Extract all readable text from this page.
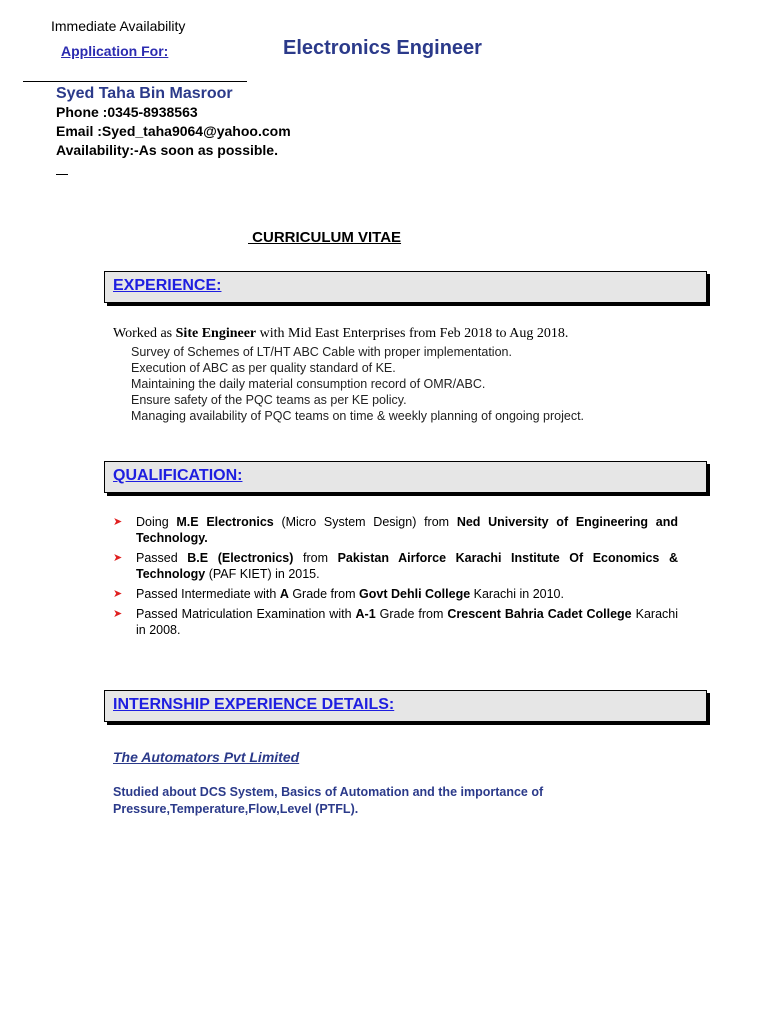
Immediate Availability
Application For:	Electronics Engineer
Syed Taha Bin Masroor
Phone :0345-8938563
Email :Syed_taha9064@yahoo.com
Availability:-As soon as possible.
CURRICULUM VITAE
EXPERIENCE:
Worked as Site Engineer with Mid East Enterprises from Feb 2018 to Aug 2018.
Survey of Schemes of LT/HT ABC Cable with proper implementation.
Execution of ABC as per quality standard of KE.
Maintaining the daily material consumption record of OMR/ABC.
Ensure safety of the PQC teams as per KE policy.
Managing availability of PQC teams on time & weekly planning of ongoing project.
QUALIFICATION:
➤ Doing M.E Electronics (Micro System Design) from Ned University of Engineering and Technology.
➤ Passed B.E (Electronics) from Pakistan Airforce Karachi Institute Of Economics & Technology (PAF KIET) in 2015.
➤ Passed Intermediate with A Grade from Govt Dehli College Karachi in 2010.
➤ Passed Matriculation Examination with A-1 Grade from Crescent Bahria Cadet College Karachi in 2008.
INTERNSHIP EXPERIENCE DETAILS:
The Automators Pvt Limited
Studied about DCS System, Basics of Automation and the importance of Pressure,Temperature,Flow,Level (PTFL).
